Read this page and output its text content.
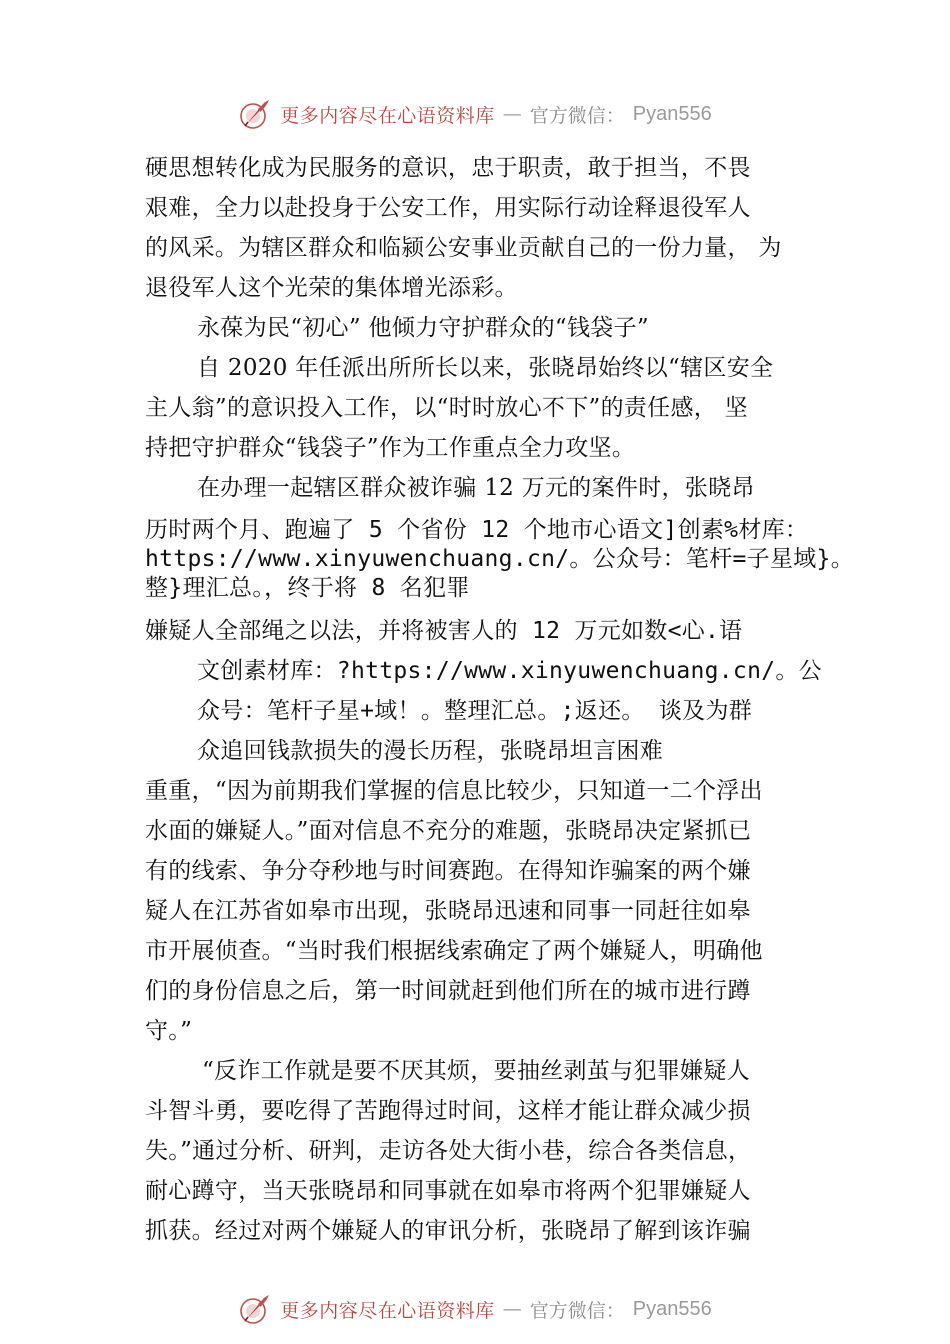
更多内容尽在心语资料库 — 官方微信： Pyan556
硬思想转化成为民服务的意识，忠于职责，敢于担当，不畏
艰难，全力以赴投身于公安工作，用实际行动诠释退役军人
的风采。为辖区群众和临颍公安事业贡献自己的一份力量， 为
退役军人这个光荣的集体增光添彩。
永葆为民“初心” 他倾力守护群众的“钱袋子”
自 2020 年任派出所所长以来，张晓昂始终以“辖区安全
主人翁”的意识投入工作，以“时时放心不下”的责任感， 坚
持把守护群众“钱袋子”作为工作重点全力攻坚。
在办理一起辖区群众被诈骗 12 万元的案件时，张晓昂
历时两个月、跑遍了 5 个省份 12 个地市心语文]创素%材库：
https://www.xinyuwenchuang.cn/。公众号：笔杆=子星域}。
整}理汇总。，终于将 8 名犯罪
嫌疑人全部绳之以法，并将被害人的 12 万元如数<心.语
文创素材库：?https://www.xinyuwenchuang.cn/。公
众号：笔杆子星+域！。整理汇总。;返还。 谈及为群
众追回钱款损失的漫长历程，张晓昂坦言困难
重重，“因为前期我们掌握的信息比较少，只知道一二个浮出
水面的嫌疑人。”面对信息不充分的难题，张晓昂决定紧抓已
有的线索、争分夺秒地与时间赛跑。在得知诈骗案的两个嫌
疑人在江苏省如皋市出现，张晓昂迅速和同事一同赶往如皋
市开展侦查。“当时我们根据线索确定了两个嫌疑人，明确他
们的身份信息之后，第一时间就赶到他们所在的城市进行蹲
守。”
“反诈工作就是要不厌其烦，要抽丝剥茧与犯罪嫌疑人
斗智斗勇，要吃得了苦跑得过时间，这样才能让群众减少损
失。”通过分析、研判，走访各处大街小巷，综合各类信息，
耐心蹲守，当天张晓昂和同事就在如皋市将两个犯罪嫌疑人
抓获。经过对两个嫌疑人的审讯分析，张晓昂了解到该诈骗
更多内容尽在心语资料库 — 官方微信： Pyan556
